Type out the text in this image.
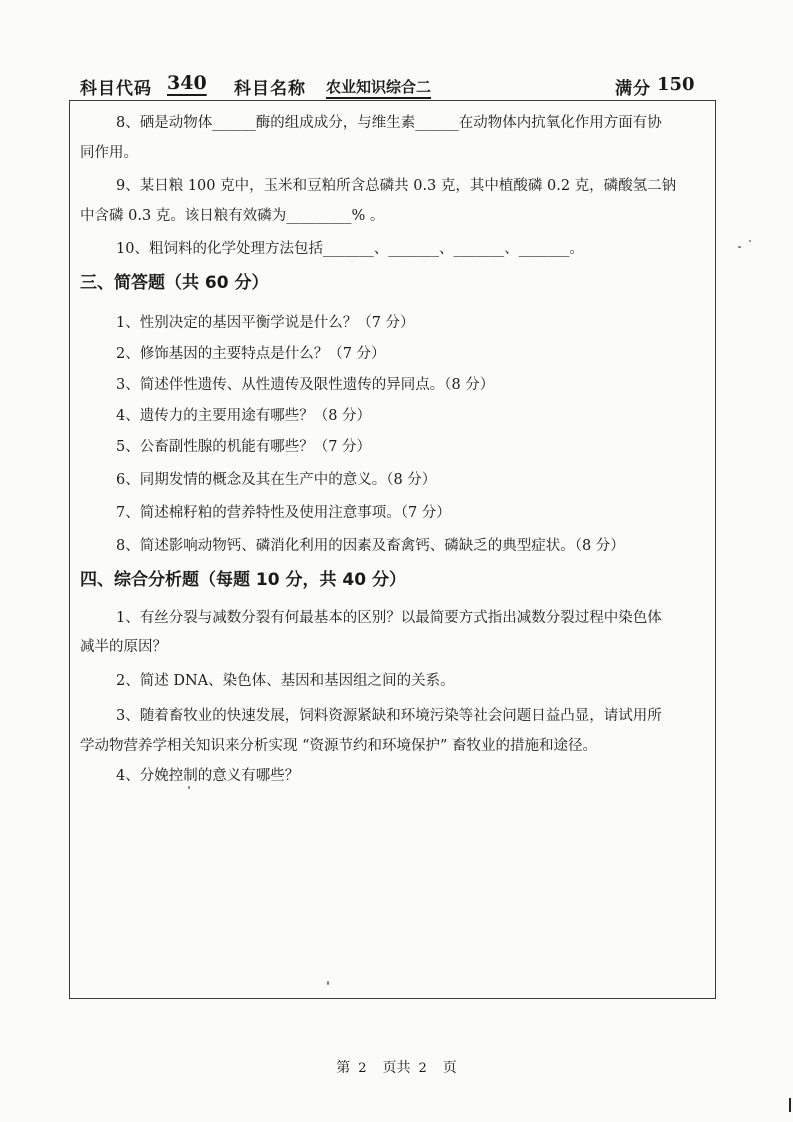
科目代码 340 科目名称 农业知识综合二	满分 150
8、硒是动物体______酶的组成成分，与维生素______在动物体内抗氧化作用方面有协
同作用。
9、某日粮 100 克中，玉米和豆粕所含总磷共 0.3 克，其中植酸磷 0.2 克，磷酸氢二钠
中含磷 0.3 克。该日粮有效磷为_________% 。
10、粗饲料的化学处理方法包括_______、_______、_______、_______。
三、简答题（共 60 分）
1、性别决定的基因平衡学说是什么？（7 分）
2、修饰基因的主要特点是什么？（7 分）
3、简述伴性遗传、从性遗传及限性遗传的异同点。（8 分）
4、遗传力的主要用途有哪些？（8 分）
5、公畜副性腺的机能有哪些？（7 分）
6、同期发情的概念及其在生产中的意义。（8 分）
7、简述棉籽粕的营养特性及使用注意事项。（7 分）
8、简述影响动物钙、磷消化利用的因素及畜禽钙、磷缺乏的典型症状。（8 分）
四、综合分析题（每题 10 分，共 40 分）
1、有丝分裂与减数分裂有何最基本的区别？以最简要方式指出减数分裂过程中染色体
减半的原因？
2、简述 DNA、染色体、基因和基因组之间的关系。
3、随着畜牧业的快速发展，饲料资源紧缺和环境污染等社会问题日益凸显，请试用所
学动物营养学相关知识来分析实现 “资源节约和环境保护” 畜牧业的措施和途径。
4、分娩控制的意义有哪些？
第 2 页共 2 页
